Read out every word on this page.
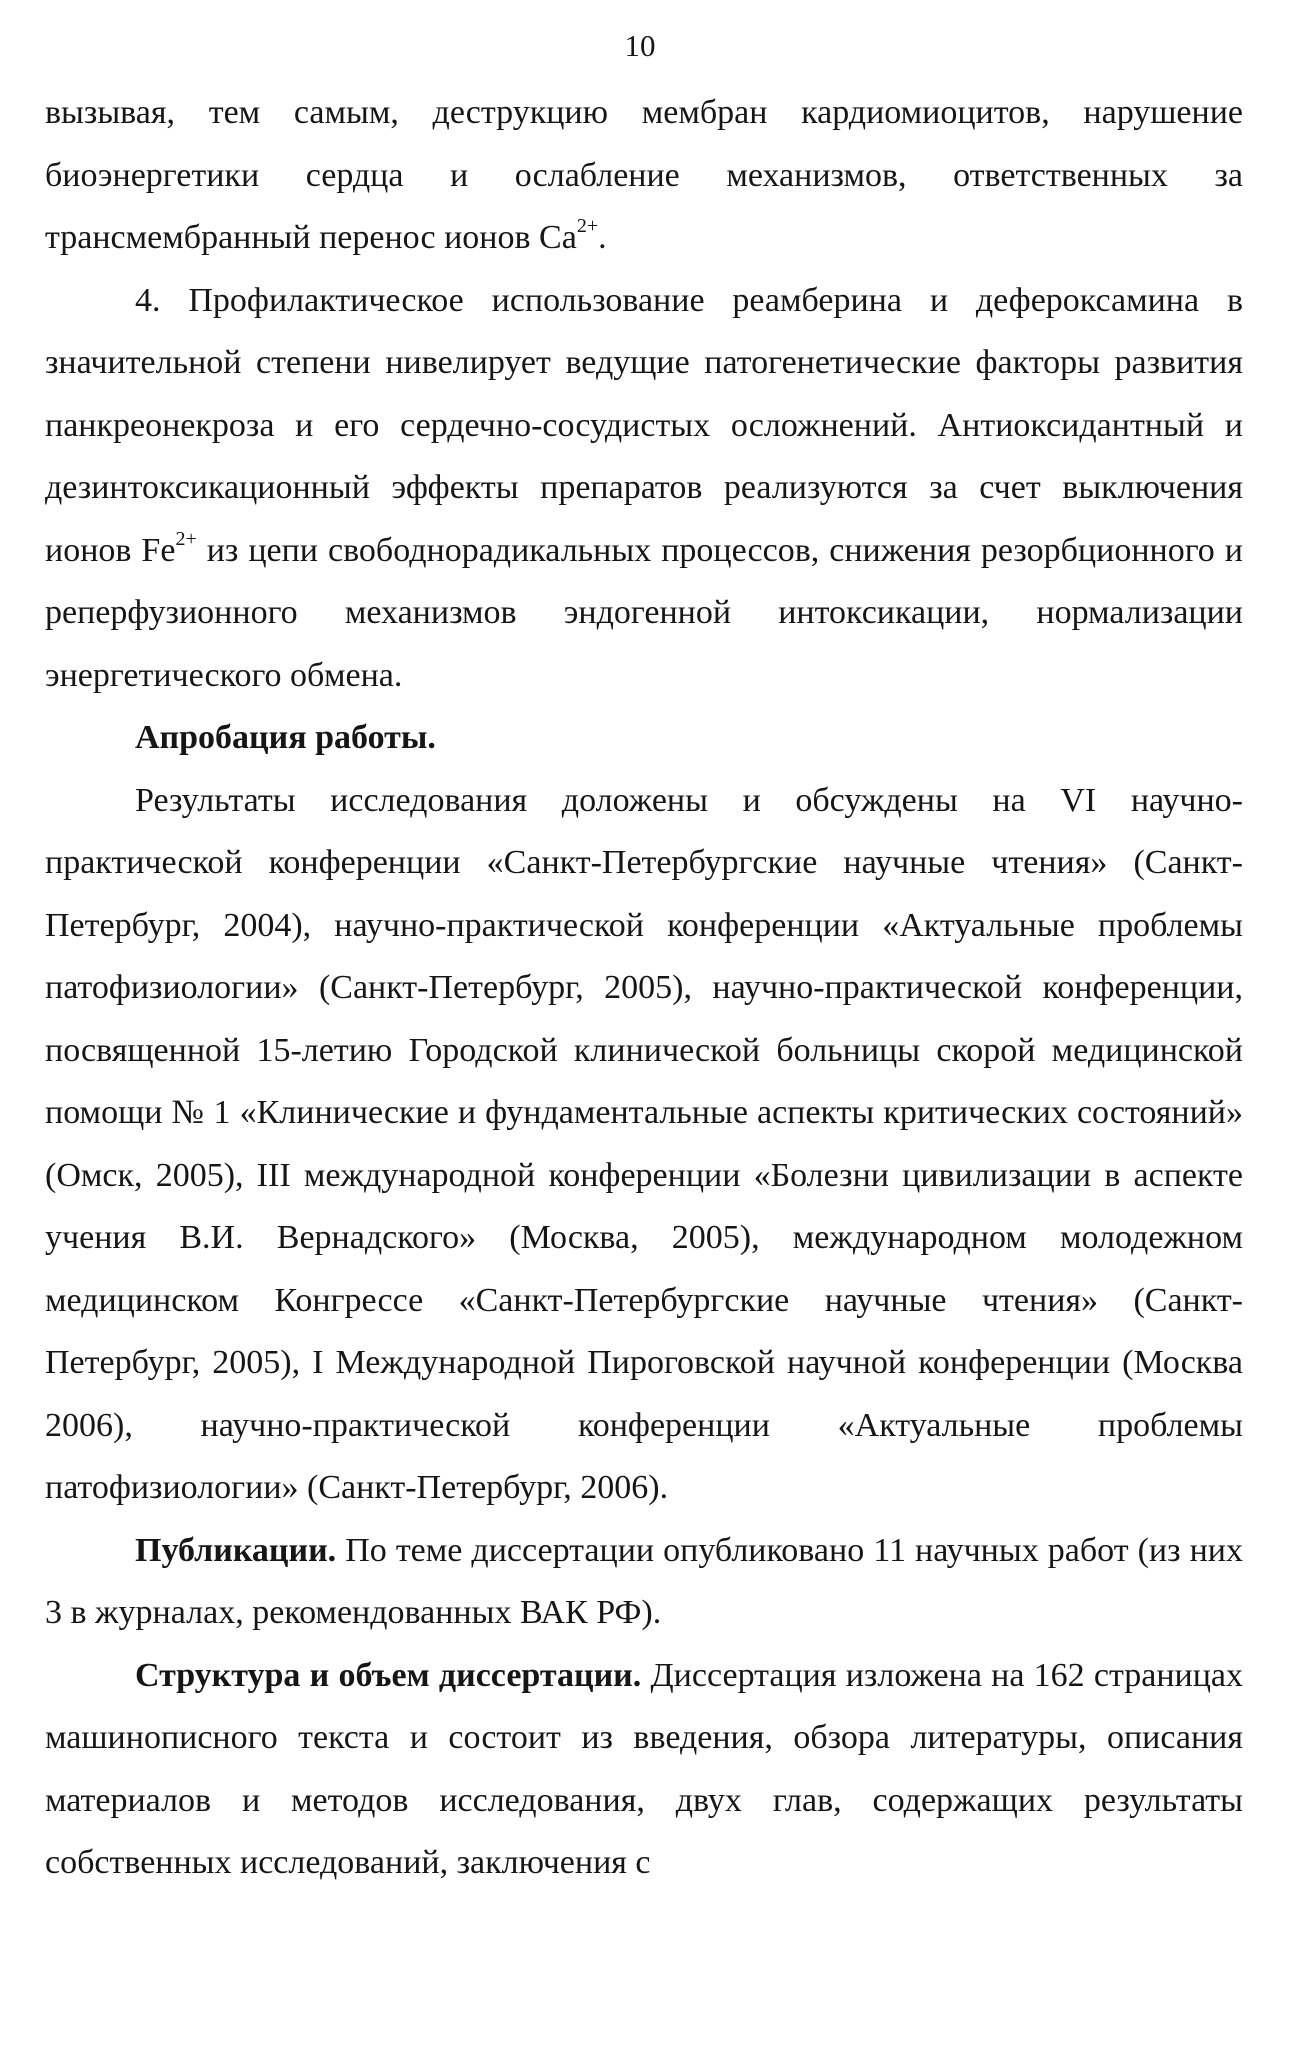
10

вызывая, тем самым, деструкцию мембран кардиомиоцитов, нарушение биоэнергетики сердца и ослабление механизмов, ответственных за трансмембранный перенос ионов $Са^{2+}$.

4. Профилактическое использование реамберина и дефероксамина в значительной степени нивелирует ведущие патогенетические факторы развития панкреонекроза и его сердечно-сосудистых осложнений. Антиоксидантный и дезинтоксикационный эффекты препаратов реализуются за счет выключения ионов $Fe^{2+}$ из цепи свободнорадикальных процессов, снижения резорбционного и реперфузионного механизмов эндогенной интоксикации, нормализации энергетического обмена.

Апробация работы.

Результаты исследования доложены и обсуждены на VI научно-практической конференции «Санкт-Петербургские научные чтения» (Санкт-Петербург, 2004), научно-практической конференции «Актуальные проблемы патофизиологии» (Санкт-Петербург, 2005), научно-практической конференции, посвященной 15-летию Городской клинической больницы скорой медицинской помощи № 1 «Клинические и фундаментальные аспекты критических состояний» (Омск, 2005), III международной конференции «Болезни цивилизации в аспекте учения В.И. Вернадского» (Москва, 2005), международном молодежном медицинском Конгрессе «Санкт-Петербургские научные чтения» (Санкт-Петербург, 2005), I Международной Пироговской научной конференции (Москва 2006), научно-практической конференции «Актуальные проблемы патофизиологии» (Санкт-Петербург, 2006).

Публикации. По теме диссертации опубликовано 11 научных работ (из них 3 в журналах, рекомендованных ВАК РФ).

Структура и объем диссертации. Диссертация изложена на 162 страницах машинописного текста и состоит из введения, обзора литературы, описания материалов и методов исследования, двух глав, содержащих результаты собственных исследований, заключения с
